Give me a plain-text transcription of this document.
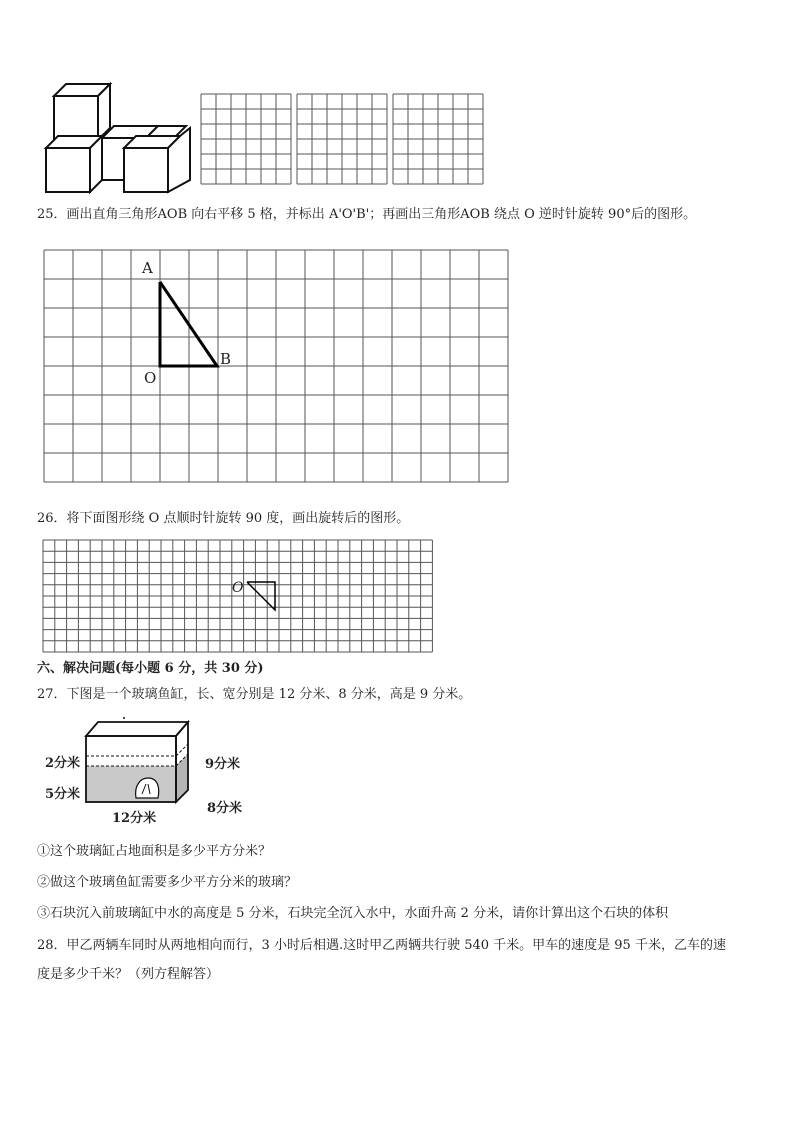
25．画出直角三角形AOB 向右平移 5 格，并标出 A'O'B'；再画出三角形AOB 绕点 O 逆时针旋转 90°后的图形。
A
O
B
26．将下面图形绕 O 点顺时针旋转 90 度，画出旋转后的图形。
O
六、解决问题(每小题 6 分，共 30 分)
27．下图是一个玻璃鱼缸，长、宽分别是 12 分米、8 分米，高是 9 分米。
2分米
5分米
9分米
8分米
12分米
①这个玻璃缸占地面积是多少平方分米？
②做这个玻璃鱼缸需要多少平方分米的玻璃？
③石块沉入前玻璃缸中水的高度是 5 分米，石块完全沉入水中，水面升高 2 分米，请你计算出这个石块的体积
28．甲乙两辆车同时从两地相向而行，3 小时后相遇.这时甲乙两辆共行驶 540 千米。甲车的速度是 95 千米，乙车的速
度是多少千米？（列方程解答）
